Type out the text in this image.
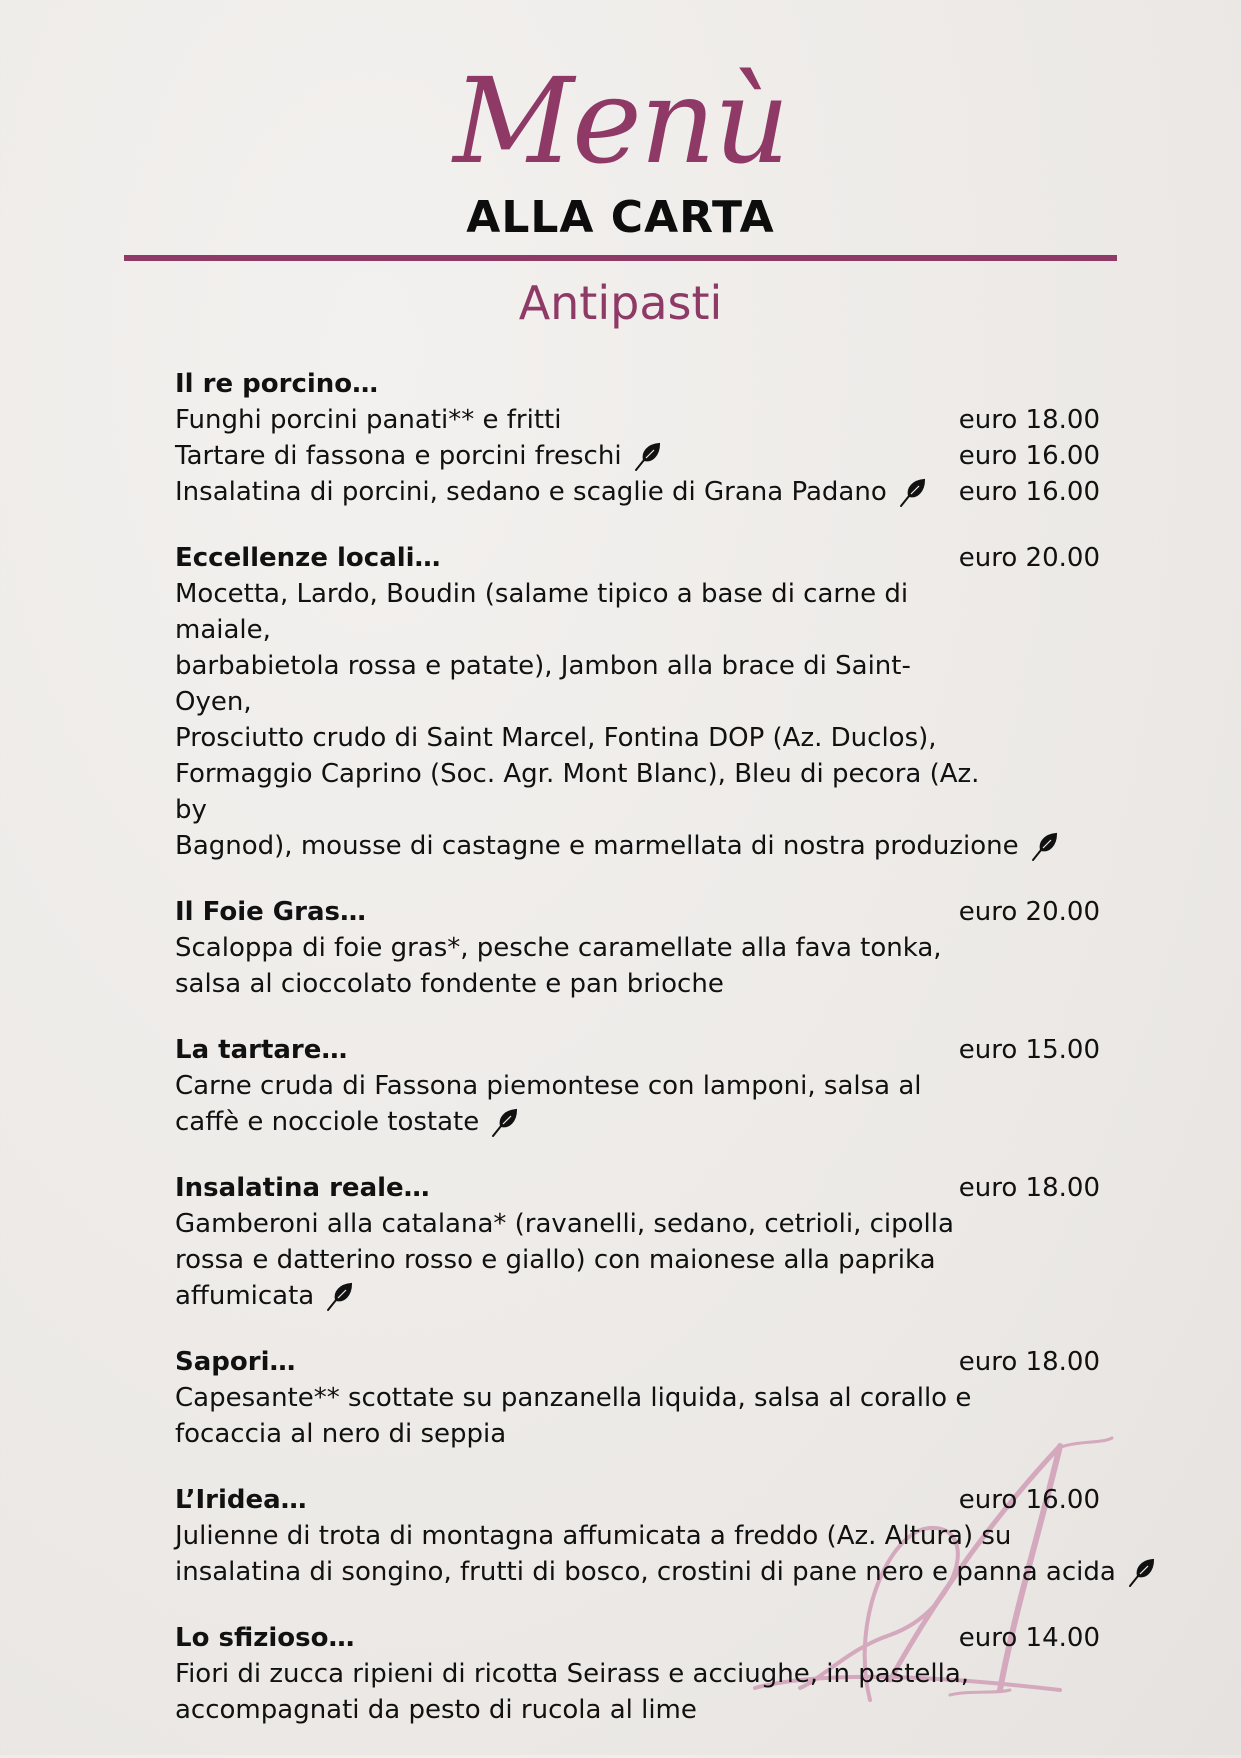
Menù
ALLA CARTA
Antipasti
Il re porcino…
Funghi porcini panati** e fritti	euro 18.00
Tartare di fassona e porcini freschi	euro 16.00
Insalatina di porcini, sedano e scaglie di Grana Padano	euro 16.00
Eccellenze locali…	euro 20.00
Mocetta, Lardo, Boudin (salame tipico a base di carne di maiale,
barbabietola rossa e patate), Jambon alla brace di Saint-Oyen,
Prosciutto crudo di Saint Marcel, Fontina DOP (Az. Duclos),
Formaggio Caprino (Soc. Agr. Mont Blanc), Bleu di pecora (Az. by
Bagnod), mousse di castagne e marmellata di nostra produzione
Il Foie Gras…	euro 20.00
Scaloppa di foie gras*, pesche caramellate alla fava tonka,
salsa al cioccolato fondente e pan brioche
La tartare…	euro 15.00
Carne cruda di Fassona piemontese con lamponi, salsa al
caffè e nocciole tostate
Insalatina reale…	euro 18.00
Gamberoni alla catalana* (ravanelli, sedano, cetrioli, cipolla
rossa e datterino rosso e giallo) con maionese alla paprika
affumicata
Sapori…	euro 18.00
Capesante** scottate su panzanella liquida, salsa al corallo e
focaccia al nero di seppia
L’Iridea…	euro 16.00
Julienne di trota di montagna affumicata a freddo (Az. Altura) su
insalatina di songino, frutti di bosco, crostini di pane nero e panna acida
Lo sfizioso…	euro 14.00
Fiori di zucca ripieni di ricotta Seirass e acciughe, in pastella,
accompagnati da pesto di rucola al lime
